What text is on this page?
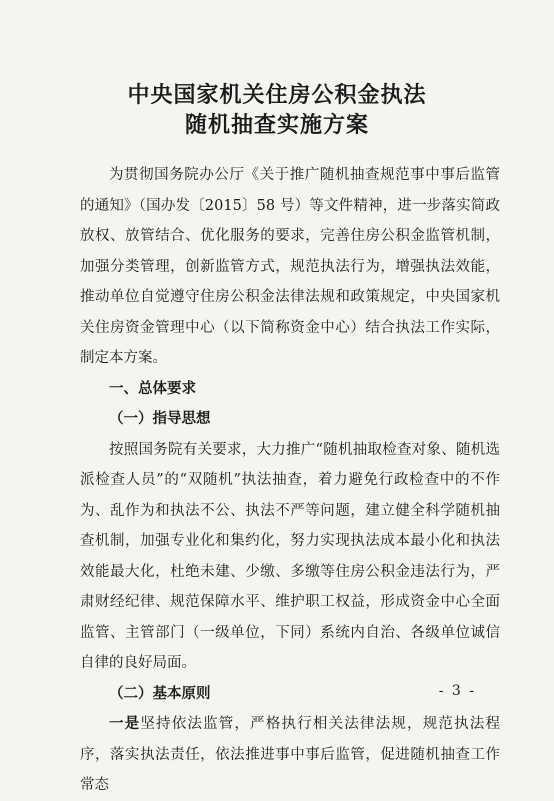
中央国家机关住房公积金执法
随机抽查实施方案

为贯彻国务院办公厅《关于推广随机抽查规范事中事后监管的通知》（国办发〔2015〕58 号）等文件精神，进一步落实简政放权、放管结合、优化服务的要求，完善住房公积金监管机制，加强分类管理，创新监管方式，规范执法行为，增强执法效能，推动单位自觉遵守住房公积金法律法规和政策规定，中央国家机关住房资金管理中心（以下简称资金中心）结合执法工作实际，制定本方案。

一、总体要求

（一）指导思想

按照国务院有关要求，大力推广“随机抽取检查对象、随机选派检查人员”的“双随机”执法抽查，着力避免行政检查中的不作为、乱作为和执法不公、执法不严等问题，建立健全科学随机抽查机制，加强专业化和集约化，努力实现执法成本最小化和执法效能最大化，杜绝未建、少缴、多缴等住房公积金违法行为，严肃财经纪律、规范保障水平、维护职工权益，形成资金中心全面监管、主管部门（一级单位，下同）系统内自治、各级单位诚信自律的良好局面。

（二）基本原则

一是坚持依法监管，严格执行相关法律法规，规范执法程序，落实执法责任，依法推进事中事后监管，促进随机抽查工作常态

- 3 -
